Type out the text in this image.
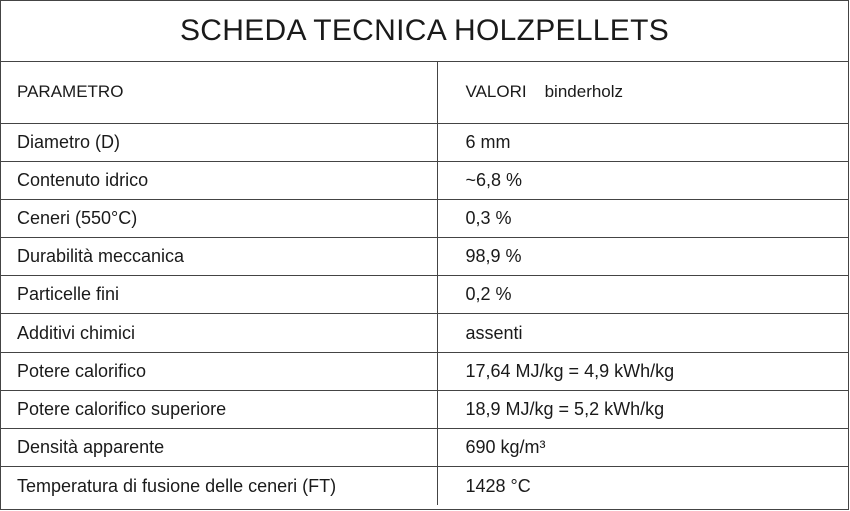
SCHEDA TECNICA HOLZPELLETS
PARAMETRO	VALORI binderholz
Diametro (D)	6 mm
Contenuto idrico	~6,8 %
Ceneri (550°C)	0,3 %
Durabilità meccanica	98,9 %
Particelle fini	0,2 %
Additivi chimici	assenti
Potere calorifico	17,64 MJ/kg = 4,9 kWh/kg
Potere calorifico superiore	18,9 MJ/kg = 5,2 kWh/kg
Densità apparente	690 kg/m³
Temperatura di fusione delle ceneri (FT)	1428 °C
